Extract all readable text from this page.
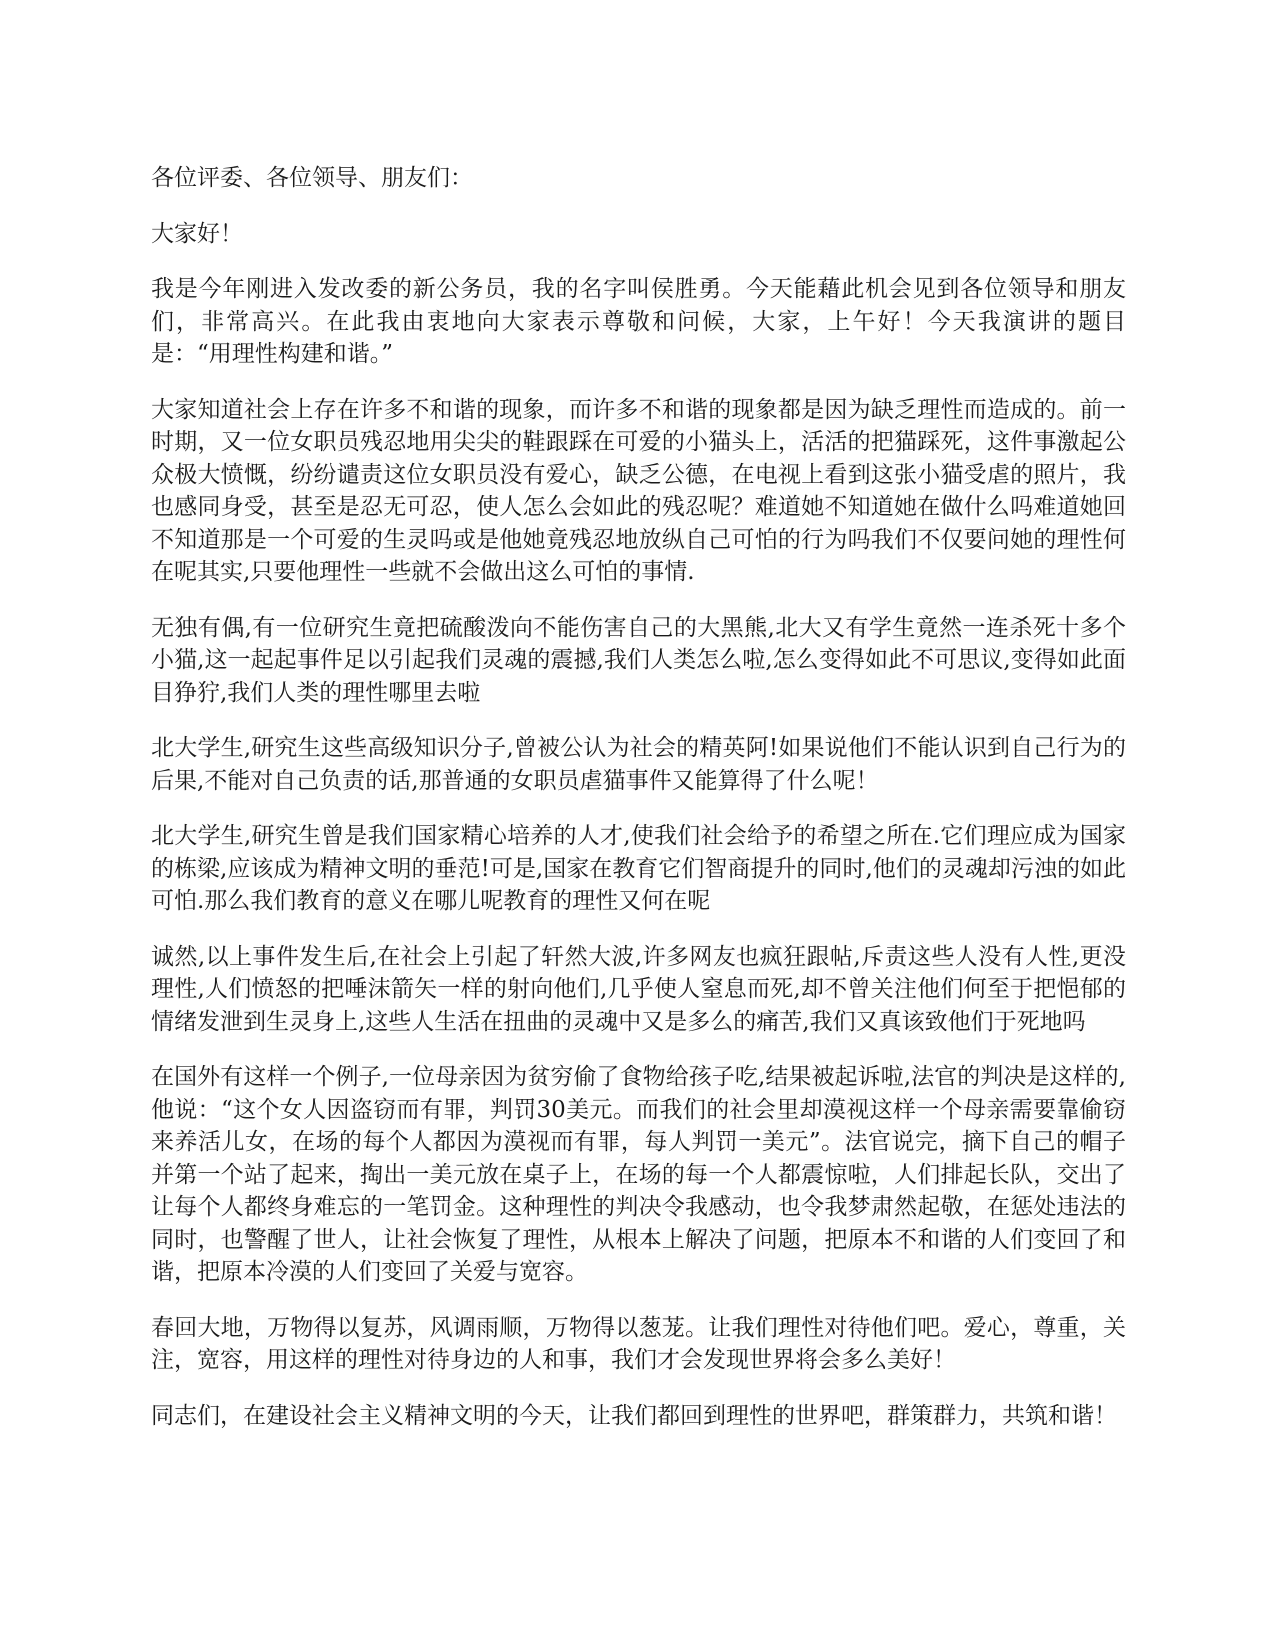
各位评委、各位领导、朋友们：

大家好！

我是今年刚进入发改委的新公务员，我的名字叫侯胜勇。今天能藉此机会见到各位领导和朋友们，非常高兴。在此我由衷地向大家表示尊敬和问候，大家，上午好！今天我演讲的题目是：“用理性构建和谐。”

大家知道社会上存在许多不和谐的现象，而许多不和谐的现象都是因为缺乏理性而造成的。前一时期，又一位女职员残忍地用尖尖的鞋跟踩在可爱的小猫头上，活活的把猫踩死，这件事激起公众极大愤慨，纷纷谴责这位女职员没有爱心，缺乏公德，在电视上看到这张小猫受虐的照片，我也感同身受，甚至是忍无可忍，使人怎么会如此的残忍呢？难道她不知道她在做什么吗难道她回不知道那是一个可爱的生灵吗或是他她竟残忍地放纵自己可怕的行为吗我们不仅要问她的理性何在呢其实,只要他理性一些就不会做出这么可怕的事情.

无独有偶,有一位研究生竟把硫酸泼向不能伤害自己的大黑熊,北大又有学生竟然一连杀死十多个小猫,这一起起事件足以引起我们灵魂的震撼,我们人类怎么啦,怎么变得如此不可思议,变得如此面目狰狞,我们人类的理性哪里去啦

北大学生,研究生这些高级知识分子,曾被公认为社会的精英阿!如果说他们不能认识到自己行为的后果,不能对自己负责的话,那普通的女职员虐猫事件又能算得了什么呢！

北大学生,研究生曾是我们国家精心培养的人才,使我们社会给予的希望之所在.它们理应成为国家的栋梁,应该成为精神文明的垂范!可是,国家在教育它们智商提升的同时,他们的灵魂却污浊的如此可怕.那么我们教育的意义在哪儿呢教育的理性又何在呢

诚然,以上事件发生后,在社会上引起了轩然大波,许多网友也疯狂跟帖,斥责这些人没有人性,更没理性,人们愤怒的把唾沫箭矢一样的射向他们,几乎使人窒息而死,却不曾关注他们何至于把悒郁的情绪发泄到生灵身上,这些人生活在扭曲的灵魂中又是多么的痛苦,我们又真该致他们于死地吗

在国外有这样一个例子,一位母亲因为贫穷偷了食物给孩子吃,结果被起诉啦,法官的判决是这样的,他说：“这个女人因盗窃而有罪，判罚30美元。而我们的社会里却漠视这样一个母亲需要靠偷窃来养活儿女，在场的每个人都因为漠视而有罪，每人判罚一美元”。法官说完，摘下自己的帽子并第一个站了起来，掏出一美元放在桌子上，在场的每一个人都震惊啦，人们排起长队，交出了让每个人都终身难忘的一笔罚金。这种理性的判决令我感动，也令我梦肃然起敬，在惩处违法的同时，也警醒了世人，让社会恢复了理性，从根本上解决了问题，把原本不和谐的人们变回了和谐，把原本冷漠的人们变回了关爱与宽容。

春回大地，万物得以复苏，风调雨顺，万物得以葱茏。让我们理性对待他们吧。爱心，尊重，关注，宽容，用这样的理性对待身边的人和事，我们才会发现世界将会多么美好！

同志们，在建设社会主义精神文明的今天，让我们都回到理性的世界吧，群策群力，共筑和谐！
